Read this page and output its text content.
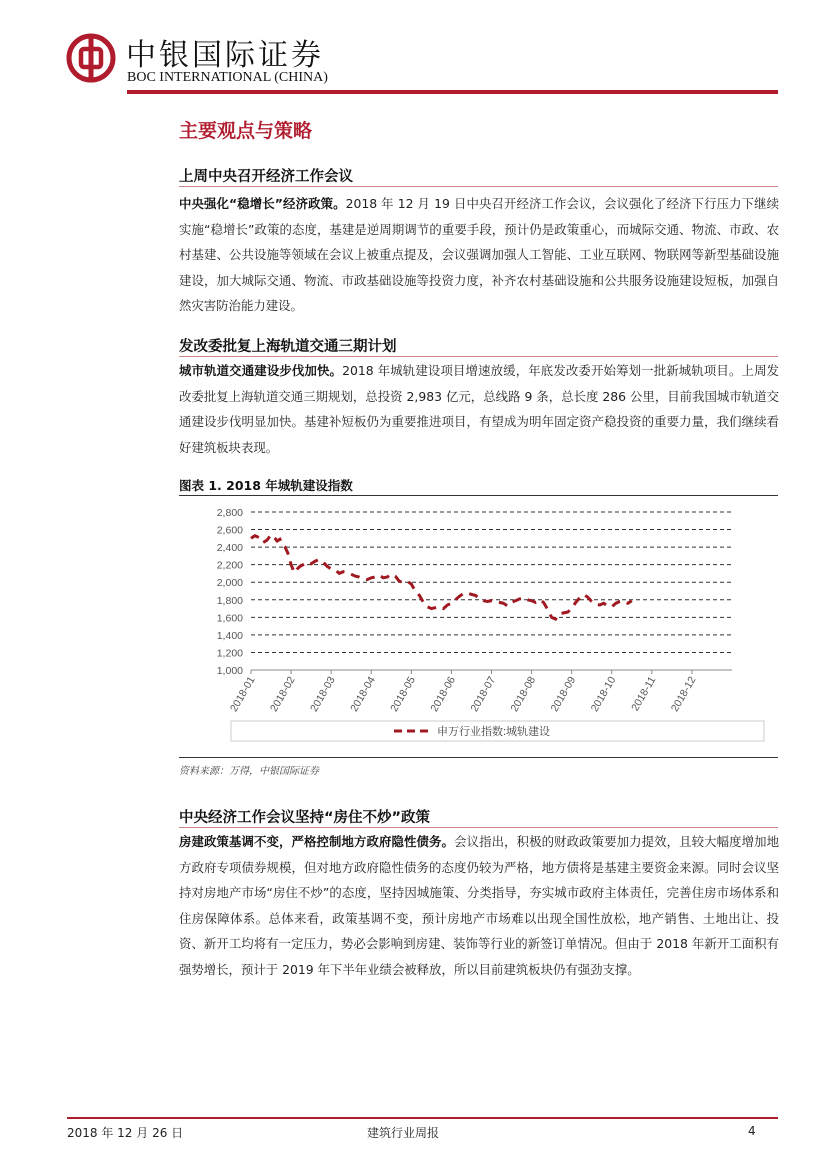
中银国际证券
BOC INTERNATIONAL (CHINA)
主要观点与策略
上周中央召开经济工作会议
中央强化“稳增长”经济政策。2018 年 12 月 19 日中央召开经济工作会议，会议强化了经济下行压力下继续实施“稳增长”政策的态度，基建是逆周期调节的重要手段，预计仍是政策重心，而城际交通、物流、市政、农村基建、公共设施等领域在会议上被重点提及，会议强调加强人工智能、工业互联网、物联网等新型基础设施建设，加大城际交通、物流、市政基础设施等投资力度，补齐农村基础设施和公共服务设施建设短板，加强自然灾害防治能力建设。
发改委批复上海轨道交通三期计划
城市轨道交通建设步伐加快。2018 年城轨建设项目增速放缓，年底发改委开始筹划一批新城轨项目。上周发改委批复上海轨道交通三期规划，总投资 2,983 亿元，总线路 9 条，总长度 286 公里，目前我国城市轨道交通建设步伐明显加快。基建补短板仍为重要推进项目，有望成为明年固定资产稳投资的重要力量，我们继续看好建筑板块表现。
图表 1. 2018 年城轨建设指数
1,000
1,200
1,400
1,600
1,800
2,000
2,200
2,400
2,600
2,800
2018-01 2018-02 2018-03 2018-04 2018-05 2018-06 2018-07 2018-08 2018-09 2018-10 2018-11 2018-12
申万行业指数:城轨建设
资料来源：万得，中银国际证券
中央经济工作会议坚持“房住不炒”政策
房建政策基调不变，严格控制地方政府隐性债务。会议指出，积极的财政政策要加力提效，且较大幅度增加地方政府专项债券规模，但对地方政府隐性债务的态度仍较为严格，地方债将是基建主要资金来源。同时会议坚持对房地产市场“房住不炒”的态度，坚持因城施策、分类指导，夯实城市政府主体责任，完善住房市场体系和住房保障体系。总体来看，政策基调不变，预计房地产市场难以出现全国性放松，地产销售、土地出让、投资、新开工均将有一定压力，势必会影响到房建、装饰等行业的新签订单情况。但由于 2018 年新开工面积有强势增长，预计于 2019 年下半年业绩会被释放，所以目前建筑板块仍有强劲支撑。
2018 年 12 月 26 日	建筑行业周报	4
